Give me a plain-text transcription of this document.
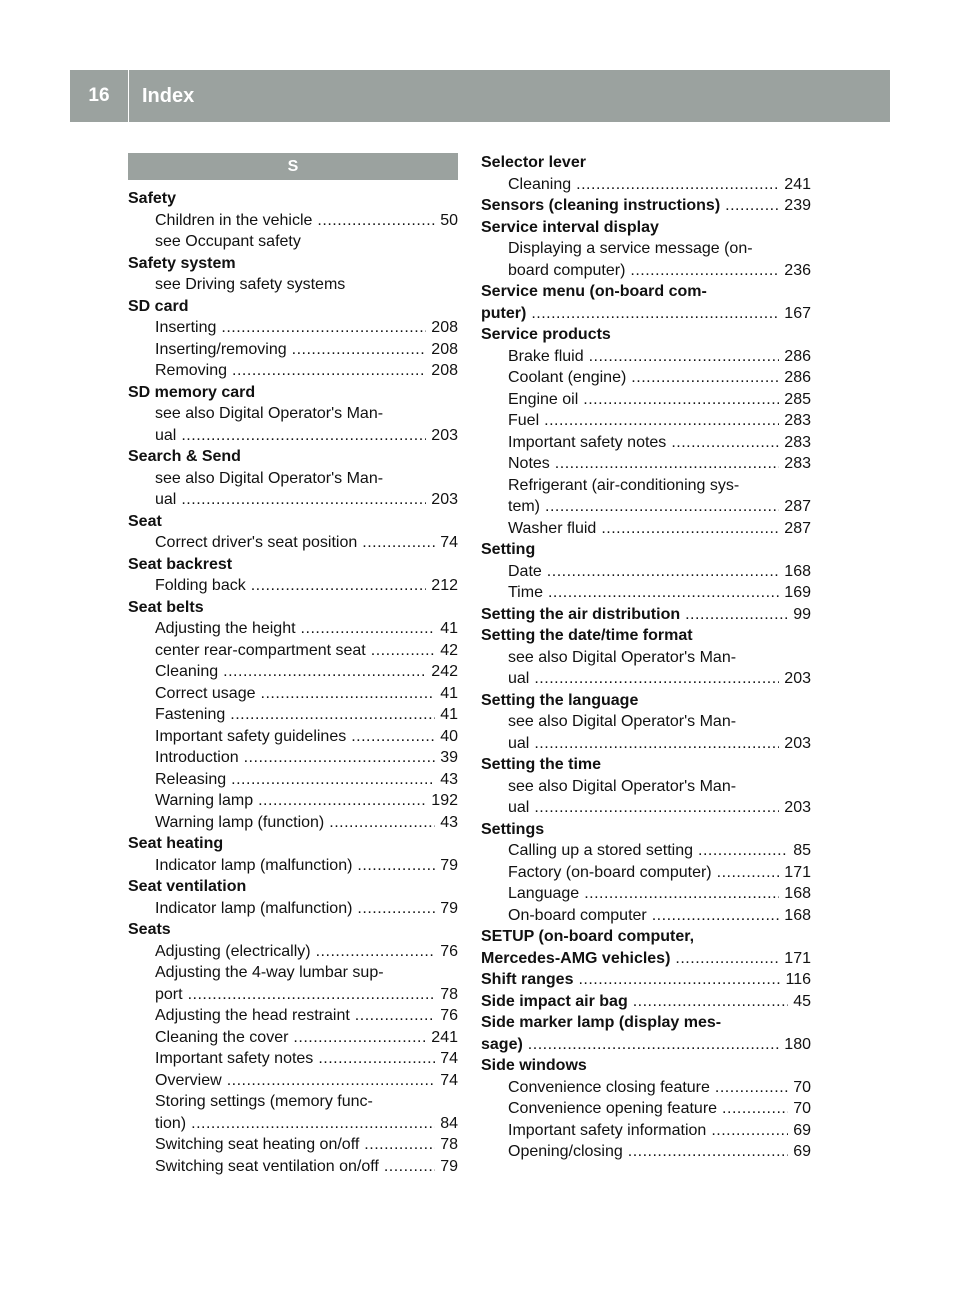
16	Index
S
Safety
Children in the vehicle .....	50
see Occupant safety
Safety system
see Driving safety systems
SD card
Inserting .....	208
Inserting/removing .....	208
Removing .....	208
SD memory card
see also Digital Operator's Man-
ual .....	203
Search & Send
see also Digital Operator's Man-
ual .....	203
Seat
Correct driver's seat position .....	74
Seat backrest
Folding back .....	212
Seat belts
Adjusting the height .....	41
center rear-compartment seat .....	42
Cleaning .....	242
Correct usage .....	41
Fastening .....	41
Important safety guidelines .....	40
Introduction .....	39
Releasing .....	43
Warning lamp .....	192
Warning lamp (function) .....	43
Seat heating
Indicator lamp (malfunction) .....	79
Seat ventilation
Indicator lamp (malfunction) .....	79
Seats
Adjusting (electrically) .....	76
Adjusting the 4-way lumbar sup-
port .....	78
Adjusting the head restraint .....	76
Cleaning the cover .....	241
Important safety notes .....	74
Overview .....	74
Storing settings (memory func-
tion) .....	84
Switching seat heating on/off .....	78
Switching seat ventilation on/off .....	79
Selector lever
Cleaning .....	241
Sensors (cleaning instructions) .....	239
Service interval display
Displaying a service message (on-
board computer) .....	236
Service menu (on-board com-
puter) .....	167
Service products
Brake fluid .....	286
Coolant (engine) .....	286
Engine oil .....	285
Fuel .....	283
Important safety notes .....	283
Notes .....	283
Refrigerant (air-conditioning sys-
tem) .....	287
Washer fluid .....	287
Setting
Date .....	168
Time .....	169
Setting the air distribution .....	99
Setting the date/time format
see also Digital Operator's Man-
ual .....	203
Setting the language
see also Digital Operator's Man-
ual .....	203
Setting the time
see also Digital Operator's Man-
ual .....	203
Settings
Calling up a stored setting .....	85
Factory (on-board computer) .....	171
Language .....	168
On-board computer .....	168
SETUP (on-board computer,
Mercedes-AMG vehicles) .....	171
Shift ranges .....	116
Side impact air bag .....	45
Side marker lamp (display mes-
sage) .....	180
Side windows
Convenience closing feature .....	70
Convenience opening feature .....	70
Important safety information .....	69
Opening/closing .....	69
